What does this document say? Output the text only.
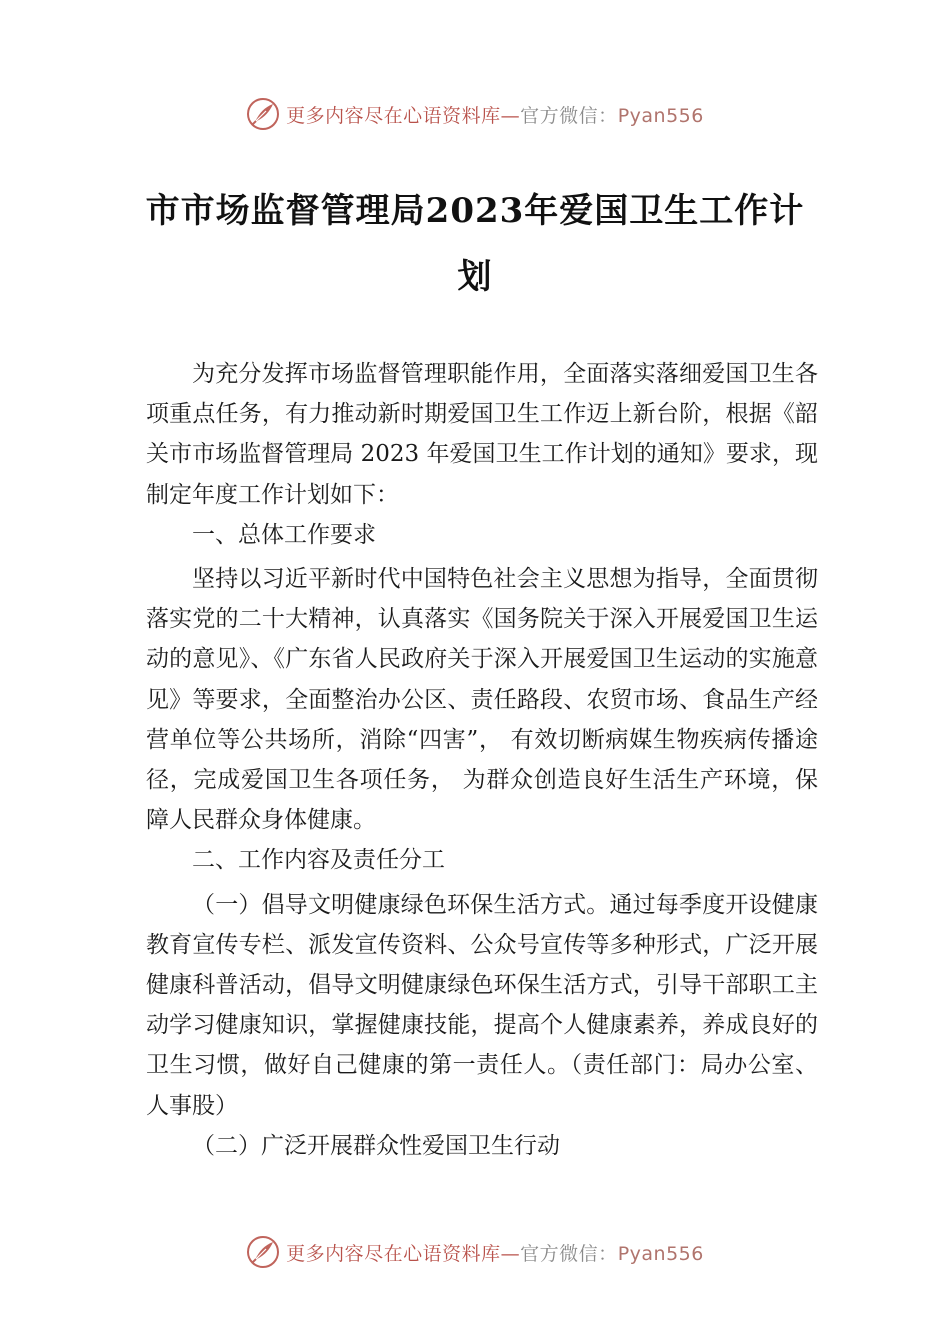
更多内容尽在心语资料库—官方微信：Pyan556
市市场监督管理局2023年爱国卫生工作计划

为充分发挥市场监督管理职能作用，全面落实落细爱国卫生各项重点任务，有力推动新时期爱国卫生工作迈上新台阶，根据《韶关市市场监督管理局 2023 年爱国卫生工作计划的通知》要求，现制定年度工作计划如下：

一、总体工作要求

坚持以习近平新时代中国特色社会主义思想为指导，全面贯彻落实党的二十大精神，认真落实《国务院关于深入开展爱国卫生运动的意见》、《广东省人民政府关于深入开展爱国卫生运动的实施意见》等要求，全面整治办公区、责任路段、农贸市场、食品生产经营单位等公共场所，消除“四害”， 有效切断病媒生物疾病传播途径，完成爱国卫生各项任务， 为群众创造良好生活生产环境，保障人民群众身体健康。

二、工作内容及责任分工

（一）倡导文明健康绿色环保生活方式。通过每季度开设健康教育宣传专栏、派发宣传资料、公众号宣传等多种形式，广泛开展健康科普活动，倡导文明健康绿色环保生活方式，引导干部职工主动学习健康知识，掌握健康技能，提高个人健康素养，养成良好的卫生习惯，做好自己健康的第一责任人。（责任部门：局办公室、人事股）

（二）广泛开展群众性爱国卫生行动

更多内容尽在心语资料库—官方微信：Pyan556
